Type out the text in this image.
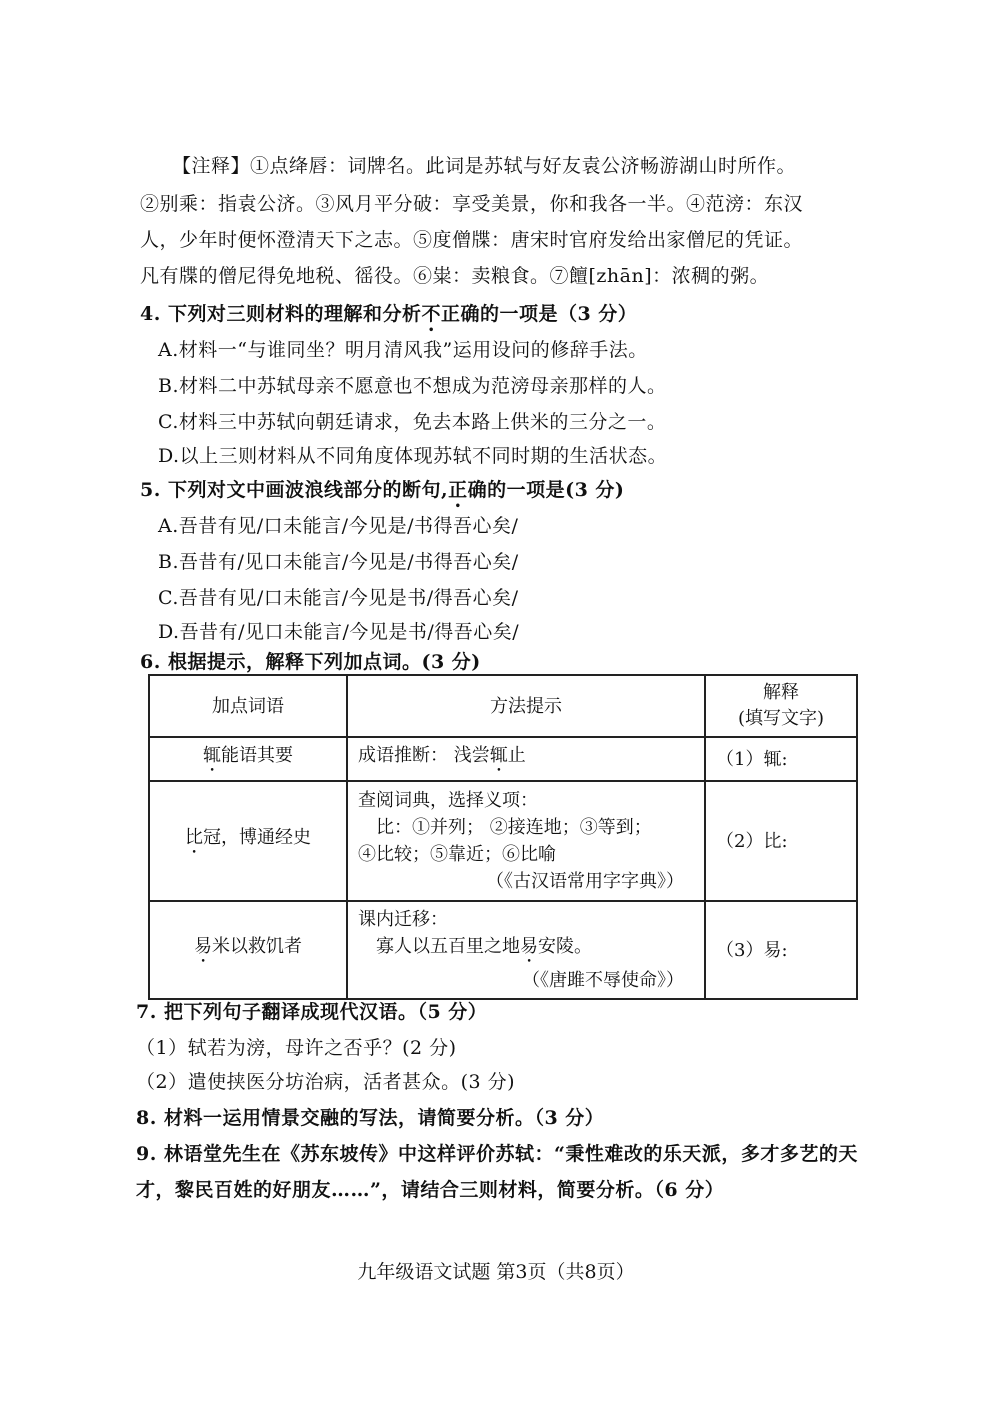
【注释】①点绛唇：词牌名。此词是苏轼与好友袁公济畅游湖山时所作。
②别乘：指袁公济。③风月平分破：享受美景，你和我各一半。④范滂：东汉
人，少年时便怀澄清天下之志。⑤度僧牒：唐宋时官府发给出家僧尼的凭证。
凡有牒的僧尼得免地税、徭役。⑥粜：卖粮食。⑦饘[zhān]：浓稠的粥。
4. 下列对三则材料的理解和分析不正确的一项是（3 分）
A.材料一“与谁同坐？明月清风我”运用设问的修辞手法。
B.材料二中苏轼母亲不愿意也不想成为范滂母亲那样的人。
C.材料三中苏轼向朝廷请求，免去本路上供米的三分之一。
D.以上三则材料从不同角度体现苏轼不同时期的生活状态。
5. 下列对文中画波浪线部分的断句,正确的一项是(3 分)
A.吾昔有见/口未能言/今见是/书得吾心矣/
B.吾昔有/见口未能言/今见是/书得吾心矣/
C.吾昔有见/口未能言/今见是书/得吾心矣/
D.吾昔有/见口未能言/今见是书/得吾心矣/
6. 根据提示，解释下列加点词。(3 分)
加点词语	方法提示	解释
(填写文字)
辄能语其要	成语推断： 浅尝辄止	（1）辄:
比冠，博通经史	查阅词典，选择义项：
比：①并列； ②接连地；③等到；
④比较；⑤靠近；⑥比喻

（《古汉语常用字字典》）	（2）比:
易米以救饥者	课内迁移：
寡人以五百里之地易安陵。

（《唐雎不辱使命》）	（3）易:
7. 把下列句子翻译成现代汉语。（5 分）
（1）轼若为滂，母许之否乎？(2 分)
（2）遣使挟医分坊治病，活者甚众。(3 分)
8. 材料一运用情景交融的写法，请简要分析。（3 分）
9. 林语堂先生在《苏东坡传》中这样评价苏轼：“秉性难改的乐天派，多才多艺的天
才，黎民百姓的好朋友……”，请结合三则材料，简要分析。（6 分）
九年级语文试题 第3页（共8页）
